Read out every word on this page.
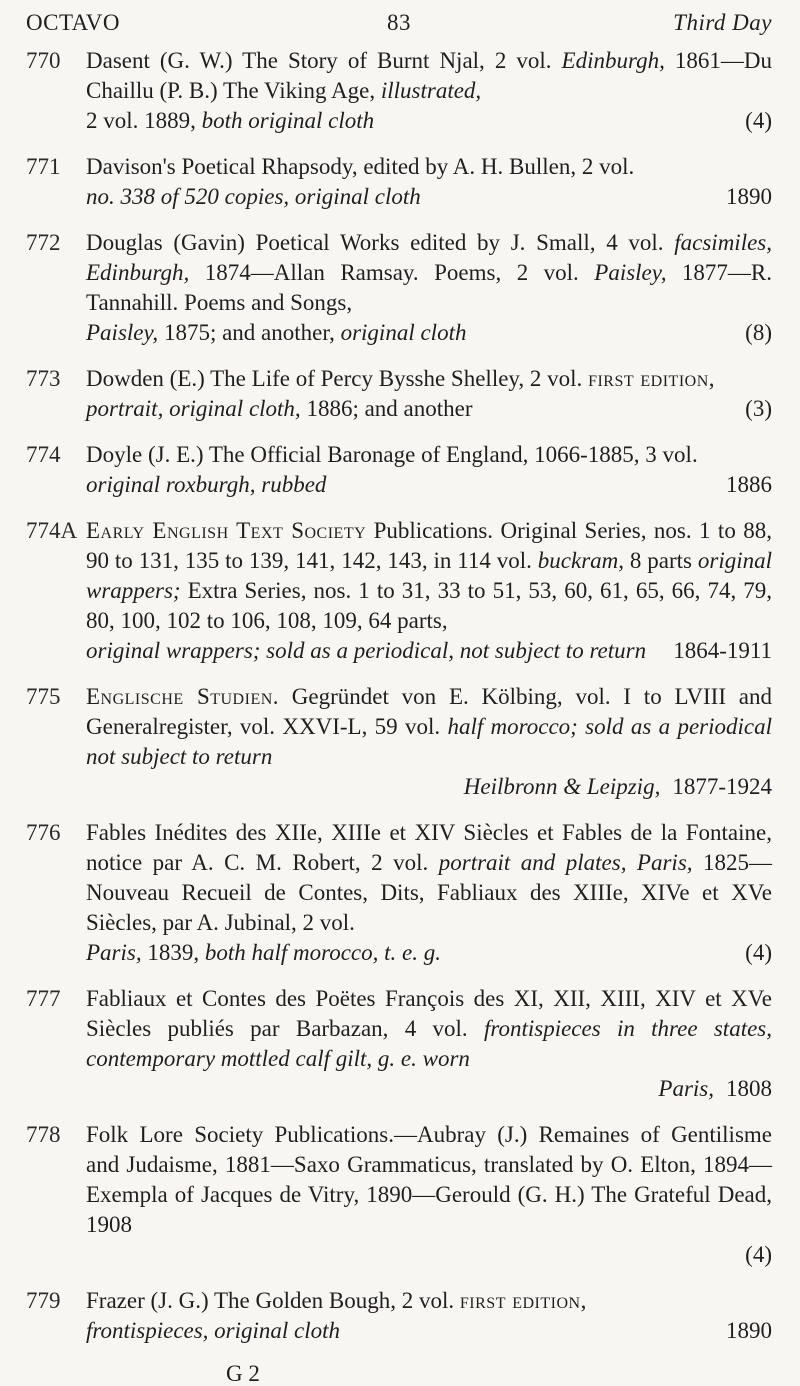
OCTAVO	83	Third Day
770	Dasent (G. W.) The Story of Burnt Njal, 2 vol. Edinburgh, 1861—Du Chaillu (P. B.) The Viking Age, illustrated,
2 vol. 1889, both original cloth	(4)
771	Davison's Poetical Rhapsody, edited by A. H. Bullen, 2 vol.
no. 338 of 520 copies, original cloth	1890
772	Douglas (Gavin) Poetical Works edited by J. Small, 4 vol. facsimiles, Edinburgh, 1874—Allan Ramsay. Poems, 2 vol. Paisley, 1877—R. Tannahill. Poems and Songs,
Paisley, 1875; and another, original cloth	(8)
773	Dowden (E.) The Life of Percy Bysshe Shelley, 2 vol. first edition,
portrait, original cloth, 1886; and another	(3)
774	Doyle (J. E.) The Official Baronage of England, 1066-1885, 3 vol.
original roxburgh, rubbed	1886
774A Early English Text Society Publications. Original Series, nos. 1 to 88, 90 to 131, 135 to 139, 141, 142, 143, in 114 vol. buckram, 8 parts original wrappers; Extra Series, nos. 1 to 31, 33 to 51, 53, 60, 61, 65, 66, 74, 79, 80, 100, 102 to 106, 108, 109, 64 parts,
original wrappers; sold as a periodical, not subject to return 1864-1911
775	Englische Studien. Gegründet von E. Kölbing, vol. I to LVIII and Generalregister, vol. XXVI-L, 59 vol. half morocco; sold as a periodical not subject to return
Heilbronn & Leipzig, 1877-1924
776	Fables Inédites des XIIe, XIIIe et XIV Siècles et Fables de la Fontaine, notice par A. C. M. Robert, 2 vol. portrait and plates, Paris, 1825—Nouveau Recueil de Contes, Dits, Fabliaux des XIIIe, XIVe et XVe Siècles, par A. Jubinal, 2 vol.
Paris, 1839, both half morocco, t. e. g.	(4)
777	Fabliaux et Contes des Poëtes François des XI, XII, XIII, XIV et XVe Siècles publiés par Barbazan, 4 vol. frontispieces in three states, contemporary mottled calf gilt, g. e. worn
Paris, 1808
778	Folk Lore Society Publications.—Aubray (J.) Remaines of Gentilisme and Judaisme, 1881—Saxo Grammaticus, translated by O. Elton, 1894—Exempla of Jacques de Vitry, 1890—Gerould (G. H.) The Grateful Dead, 1908
(4)
779	Frazer (J. G.) The Golden Bough, 2 vol. first edition,
frontispieces, original cloth	1890
G 2
